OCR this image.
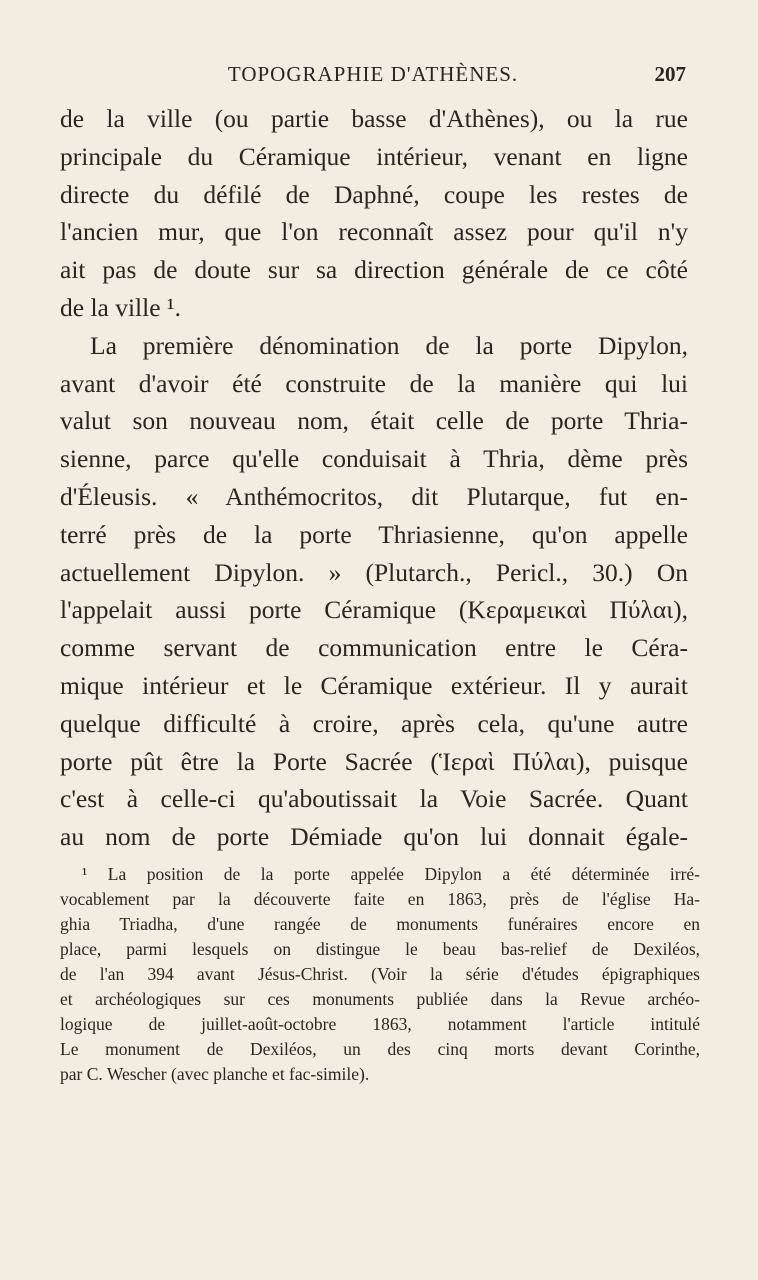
TOPOGRAPHIE D'ATHÈNES.	207
de la ville (ou partie basse d'Athènes), ou la rue
principale du Céramique intérieur, venant en ligne
directe du défilé de Daphné, coupe les restes de
l'ancien mur, que l'on reconnaît assez pour qu'il n'y
ait pas de doute sur sa direction générale de ce côté
de la ville ¹.
La première dénomination de la porte Dipylon,
avant d'avoir été construite de la manière qui lui
valut son nouveau nom, était celle de porte Thria-
sienne, parce qu'elle conduisait à Thria, dème près
d'Éleusis. « Anthémocritos, dit Plutarque, fut en-
terré près de la porte Thriasienne, qu'on appelle
actuellement Dipylon. » (Plutarch., Pericl., 30.) On
l'appelait aussi porte Céramique (Κεραμεικαὶ Πύλαι),
comme servant de communication entre le Céra-
mique intérieur et le Céramique extérieur. Il y aurait
quelque difficulté à croire, après cela, qu'une autre
porte pût être la Porte Sacrée (Ἱεραὶ Πύλαι), puisque
c'est à celle-ci qu'aboutissait la Voie Sacrée. Quant
au nom de porte Démiade qu'on lui donnait égale-
¹ La position de la porte appelée Dipylon a été déterminée irré-
vocablement par la découverte faite en 1863, près de l'église Ha-
ghia Triadha, d'une rangée de monuments funéraires encore en
place, parmi lesquels on distingue le beau bas-relief de Dexiléos,
de l'an 394 avant Jésus-Christ. (Voir la série d'études épigraphiques
et archéologiques sur ces monuments publiée dans la Revue archéo-
logique de juillet-août-octobre 1863, notamment l'article intitulé
Le monument de Dexiléos, un des cinq morts devant Corinthe,
par C. Wescher (avec planche et fac-simile).
